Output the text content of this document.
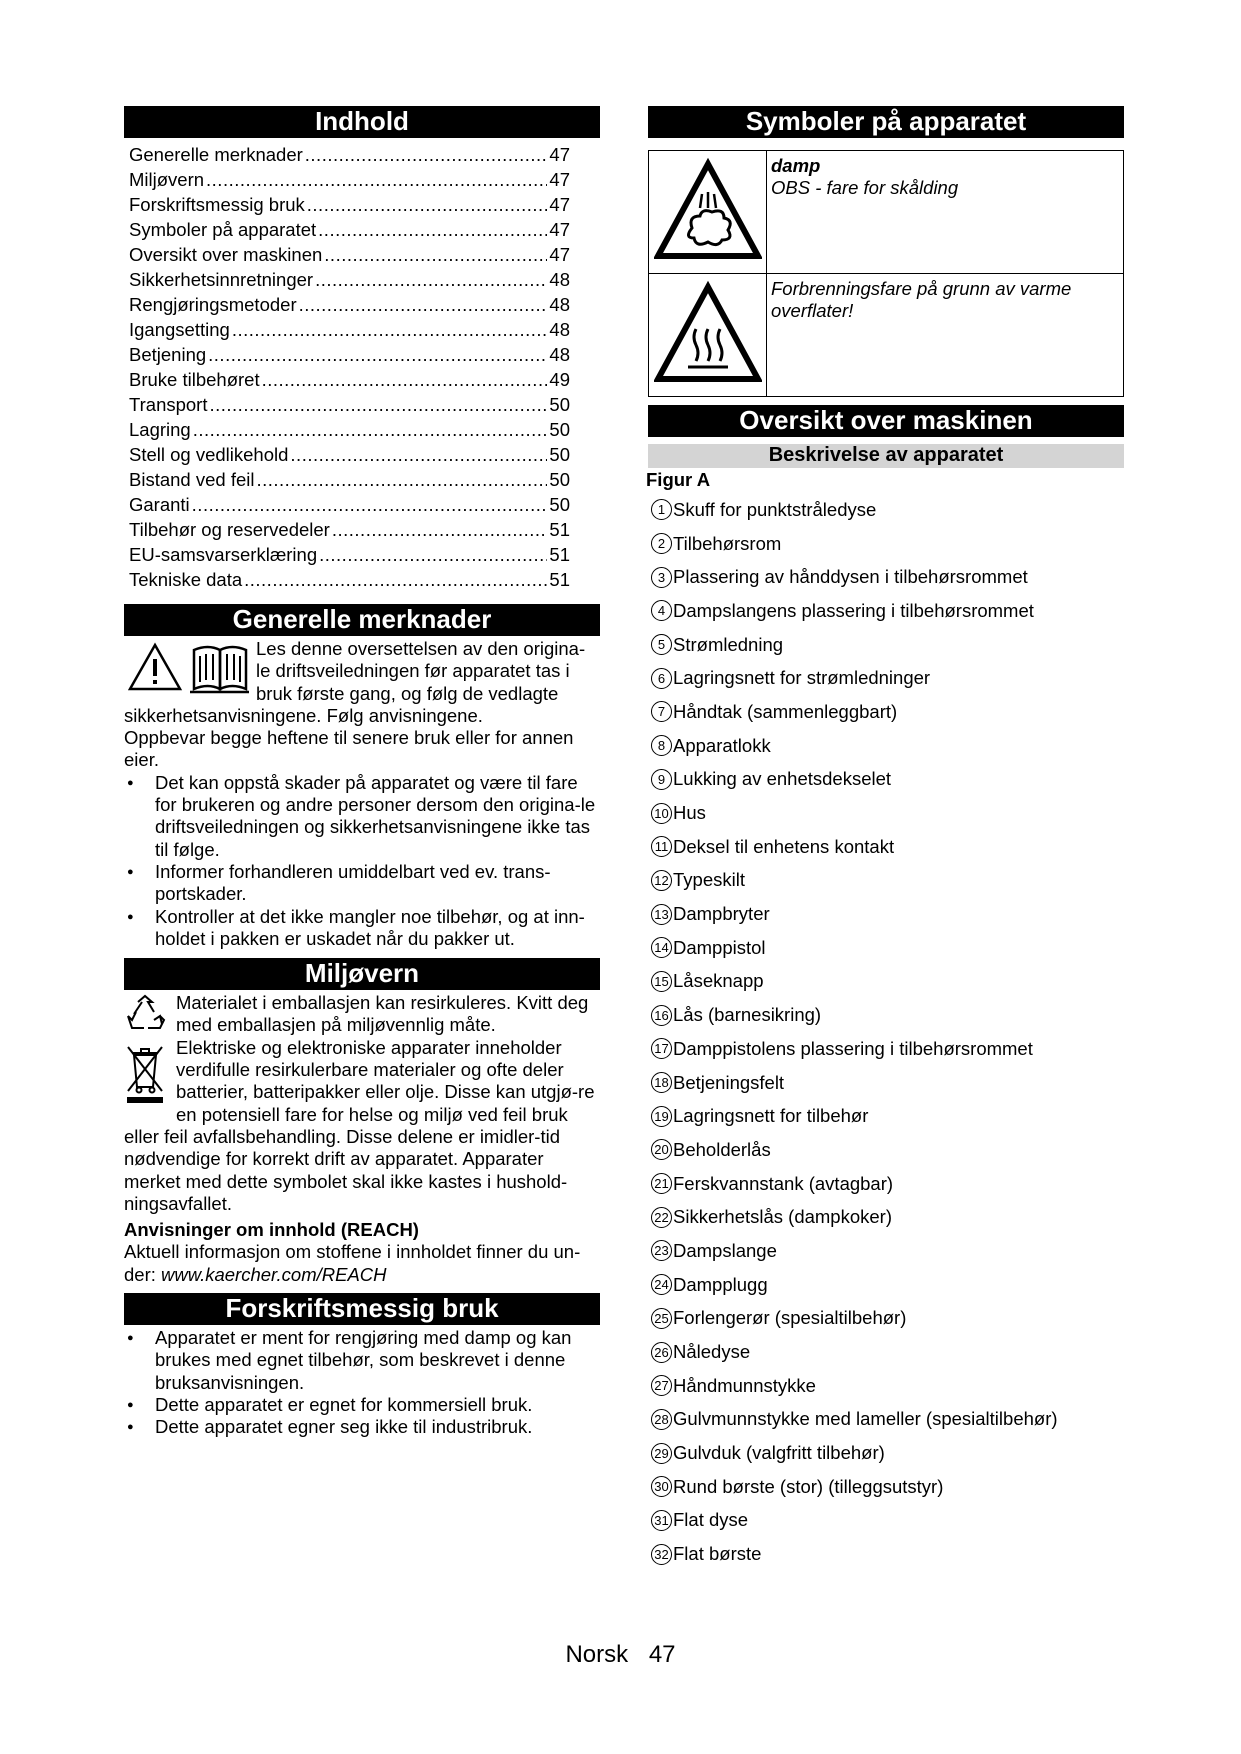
Indhold
Generelle merknader .....	47
Miljøvern .....	47
Forskriftsmessig bruk .....	47
Symboler på apparatet .....	47
Oversikt over maskinen .....	47
Sikkerhetsinnretninger .....	48
Rengjøringsmetoder .....	48
Igangsetting .....	48
Betjening .....	48
Bruke tilbehøret .....	49
Transport .....	50
Lagring .....	50
Stell og vedlikehold .....	50
Bistand ved feil .....	50
Garanti .....	50
Tilbehør og reservedeler .....	51
EU-samsvarserklæring .....	51
Tekniske data .....	51
Generelle merknader
Les denne oversettelsen av den origina-
le driftsveiledningen før apparatet tas i
bruk første gang, og følg de vedlagte
sikkerhetsanvisningene. Følg anvisningene.

Oppbevar begge heftene til senere bruk eller for annen eier.

● Det kan oppstå skader på apparatet og være til fare for brukeren og andre personer dersom den origina-le driftsveiledningen og sikkerhetsanvisningene ikke tas til følge.
● Informer forhandleren umiddelbart ved ev. trans-portskader.
● Kontroller at det ikke mangler noe tilbehør, og at inn-holdet i pakken er uskadet når du pakker ut.
Miljøvern
Materialet i emballasjen kan resirkuleres. Kvitt deg med emballasjen på miljøvennlig måte.
Elektriske og elektroniske apparater inneholder verdifulle resirkulerbare materialer og ofte deler batterier, batteripakker eller olje. Disse kan utgjø-re en potensiell fare for helse og miljø ved feil bruk eller feil avfallsbehandling. Disse delene er imidler-tid nødvendige for korrekt drift av apparatet. Apparater merket med dette symbolet skal ikke kastes i hushold-ningsavfallet.
Anvisninger om innhold (REACH)
Aktuell informasjon om stoffene i innholdet finner du un-der: www.kaercher.com/REACH
Forskriftsmessig bruk
● Apparatet er ment for rengjøring med damp og kan brukes med egnet tilbehør, som beskrevet i denne bruksanvisningen.
● Dette apparatet er egnet for kommersiell bruk.
● Dette apparatet egner seg ikke til industribruk.
Symboler på apparatet

damp
OBS - fare for skålding

Forbrenningsfare på grunn av varme overflater!
Oversikt over maskinen
Beskrivelse av apparatet
Figur A
1 Skuff for punktstråledyse
2 Tilbehørsrom
3 Plassering av hånddysen i tilbehørsrommet
4 Dampslangens plassering i tilbehørsrommet
5 Strømledning
6 Lagringsnett for strømledninger
7 Håndtak (sammenleggbart)
8 Apparatlokk
9 Lukking av enhetsdekselet
10 Hus
11 Deksel til enhetens kontakt
12 Typeskilt
13 Dampbryter
14 Damppistol
15 Låseknapp
16 Lås (barnesikring)
17 Damppistolens plassering i tilbehørsrommet
18 Betjeningsfelt
19 Lagringsnett for tilbehør
20 Beholderlås
21 Ferskvannstank (avtagbar)
22 Sikkerhetslås (dampkoker)
23 Dampslange
24 Dampplugg
25 Forlengerør (spesialtilbehør)
26 Nåledyse
27 Håndmunnstykke
28 Gulvmunnstykke med lameller (spesialtilbehør)
29 Gulvduk (valgfritt tilbehør)
30 Rund børste (stor) (tilleggsutstyr)
31 Flat dyse
32 Flat børste
Norsk 47
